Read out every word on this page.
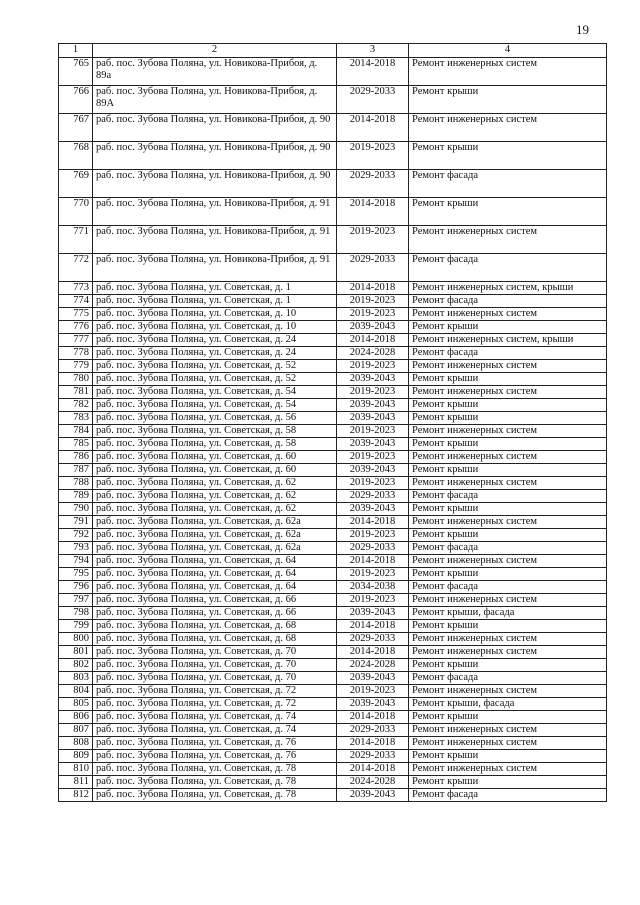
19
1	2	3	4
765	раб. пос. Зубова Поляна, ул. Новикова-Прибоя, д. 89а	2014-2018	Ремонт инженерных систем
766	раб. пос. Зубова Поляна, ул. Новикова-Прибоя, д. 89А	2029-2033	Ремонт крыши
767	раб. пос. Зубова Поляна, ул. Новикова-Прибоя, д. 90	2014-2018	Ремонт инженерных систем
768	раб. пос. Зубова Поляна, ул. Новикова-Прибоя, д. 90	2019-2023	Ремонт крыши
769	раб. пос. Зубова Поляна, ул. Новикова-Прибоя, д. 90	2029-2033	Ремонт фасада
770	раб. пос. Зубова Поляна, ул. Новикова-Прибоя, д. 91	2014-2018	Ремонт крыши
771	раб. пос. Зубова Поляна, ул. Новикова-Прибоя, д. 91	2019-2023	Ремонт инженерных систем
772	раб. пос. Зубова Поляна, ул. Новикова-Прибоя, д. 91	2029-2033	Ремонт фасада
773	раб. пос. Зубова Поляна, ул. Советская, д. 1	2014-2018	Ремонт инженерных систем, крыши
774	раб. пос. Зубова Поляна, ул. Советская, д. 1	2019-2023	Ремонт фасада
775	раб. пос. Зубова Поляна, ул. Советская, д. 10	2019-2023	Ремонт инженерных систем
776	раб. пос. Зубова Поляна, ул. Советская, д. 10	2039-2043	Ремонт крыши
777	раб. пос. Зубова Поляна, ул. Советская, д. 24	2014-2018	Ремонт инженерных систем, крыши
778	раб. пос. Зубова Поляна, ул. Советская, д. 24	2024-2028	Ремонт фасада
779	раб. пос. Зубова Поляна, ул. Советская, д. 52	2019-2023	Ремонт инженерных систем
780	раб. пос. Зубова Поляна, ул. Советская, д. 52	2039-2043	Ремонт крыши
781	раб. пос. Зубова Поляна, ул. Советская, д. 54	2019-2023	Ремонт инженерных систем
782	раб. пос. Зубова Поляна, ул. Советская, д. 54	2039-2043	Ремонт крыши
783	раб. пос. Зубова Поляна, ул. Советская, д. 56	2039-2043	Ремонт крыши
784	раб. пос. Зубова Поляна, ул. Советская, д. 58	2019-2023	Ремонт инженерных систем
785	раб. пос. Зубова Поляна, ул. Советская, д. 58	2039-2043	Ремонт крыши
786	раб. пос. Зубова Поляна, ул. Советская, д. 60	2019-2023	Ремонт инженерных систем
787	раб. пос. Зубова Поляна, ул. Советская, д. 60	2039-2043	Ремонт крыши
788	раб. пос. Зубова Поляна, ул. Советская, д. 62	2019-2023	Ремонт инженерных систем
789	раб. пос. Зубова Поляна, ул. Советская, д. 62	2029-2033	Ремонт фасада
790	раб. пос. Зубова Поляна, ул. Советская, д. 62	2039-2043	Ремонт крыши
791	раб. пос. Зубова Поляна, ул. Советская, д. 62а	2014-2018	Ремонт инженерных систем
792	раб. пос. Зубова Поляна, ул. Советская, д. 62а	2019-2023	Ремонт крыши
793	раб. пос. Зубова Поляна, ул. Советская, д. 62а	2029-2033	Ремонт фасада
794	раб. пос. Зубова Поляна, ул. Советская, д. 64	2014-2018	Ремонт инженерных систем
795	раб. пос. Зубова Поляна, ул. Советская, д. 64	2019-2023	Ремонт крыши
796	раб. пос. Зубова Поляна, ул. Советская, д. 64	2034-2038	Ремонт фасада
797	раб. пос. Зубова Поляна, ул. Советская, д. 66	2019-2023	Ремонт инженерных систем
798	раб. пос. Зубова Поляна, ул. Советская, д. 66	2039-2043	Ремонт крыши, фасада
799	раб. пос. Зубова Поляна, ул. Советская, д. 68	2014-2018	Ремонт крыши
800	раб. пос. Зубова Поляна, ул. Советская, д. 68	2029-2033	Ремонт инженерных систем
801	раб. пос. Зубова Поляна, ул. Советская, д. 70	2014-2018	Ремонт инженерных систем
802	раб. пос. Зубова Поляна, ул. Советская, д. 70	2024-2028	Ремонт крыши
803	раб. пос. Зубова Поляна, ул. Советская, д. 70	2039-2043	Ремонт фасада
804	раб. пос. Зубова Поляна, ул. Советская, д. 72	2019-2023	Ремонт инженерных систем
805	раб. пос. Зубова Поляна, ул. Советская, д. 72	2039-2043	Ремонт крыши, фасада
806	раб. пос. Зубова Поляна, ул. Советская, д. 74	2014-2018	Ремонт крыши
807	раб. пос. Зубова Поляна, ул. Советская, д. 74	2029-2033	Ремонт инженерных систем
808	раб. пос. Зубова Поляна, ул. Советская, д. 76	2014-2018	Ремонт инженерных систем
809	раб. пос. Зубова Поляна, ул. Советская, д. 76	2029-2033	Ремонт крыши
810	раб. пос. Зубова Поляна, ул. Советская, д. 78	2014-2018	Ремонт инженерных систем
811	раб. пос. Зубова Поляна, ул. Советская, д. 78	2024-2028	Ремонт крыши
812	раб. пос. Зубова Поляна, ул. Советская, д. 78	2039-2043	Ремонт фасада
